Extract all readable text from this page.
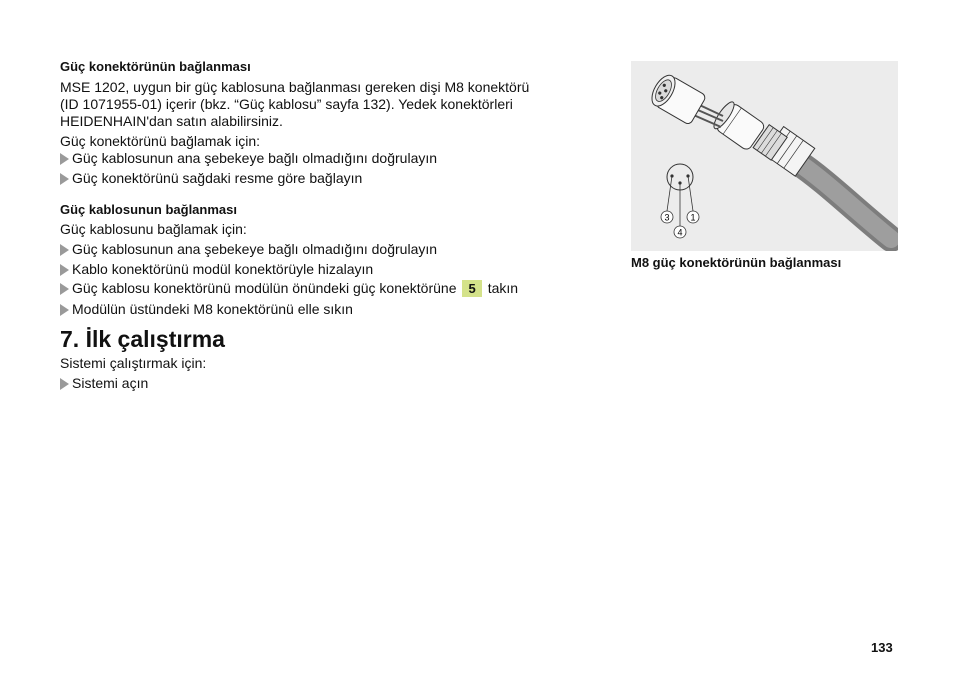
Güç konektörünün bağlanması

MSE 1202, uygun bir güç kablosuna bağlanması gereken dişi M8 konektörü

(ID 1071955-01) içerir (bkz. “Güç kablosu” sayfa 132). Yedek konektörleri

HEIDENHAIN'dan satın alabilirsiniz.

Güç konektörünü bağlamak için:

Güç kablosunun ana şebekeye bağlı olmadığını doğrulayın
Güç konektörünü sağdaki resme göre bağlayın
Güç kablosunun bağlanması

Güç kablosunu bağlamak için:

Güç kablosunun ana şebekeye bağlı olmadığını doğrulayın
Kablo konektörünü modül konektörüyle hizalayın
Güç kablosu konektörünü modülün önündeki güç konektörüne 5 takın
Modülün üstündeki M8 konektörünü elle sıkın
7. İlk çalıştırma

Sistemi çalıştırmak için:

Sistemi açın
3 1
4
M8 güç konektörünün bağlanması
133
